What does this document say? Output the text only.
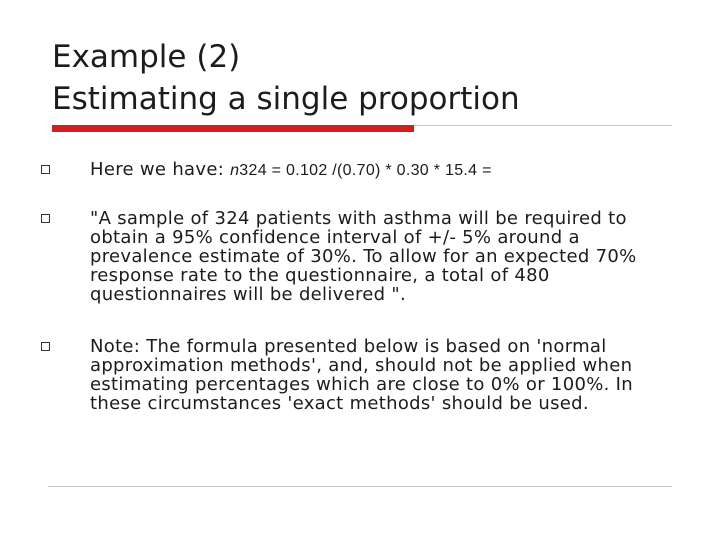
Example (2)
Estimating a single proportion
Here we have: n324 = 0.102 /(0.70) * 0.30 * 15.4 =
"A sample of 324 patients with asthma will be required to obtain a 95% confidence interval of +/- 5% around a prevalence estimate of 30%. To allow for an expected 70% response rate to the questionnaire, a total of 480 questionnaires will be delivered ".
Note: The formula presented below is based on 'normal approximation methods', and, should not be applied when estimating percentages which are close to 0% or 100%. In these circumstances 'exact methods' should be used.
